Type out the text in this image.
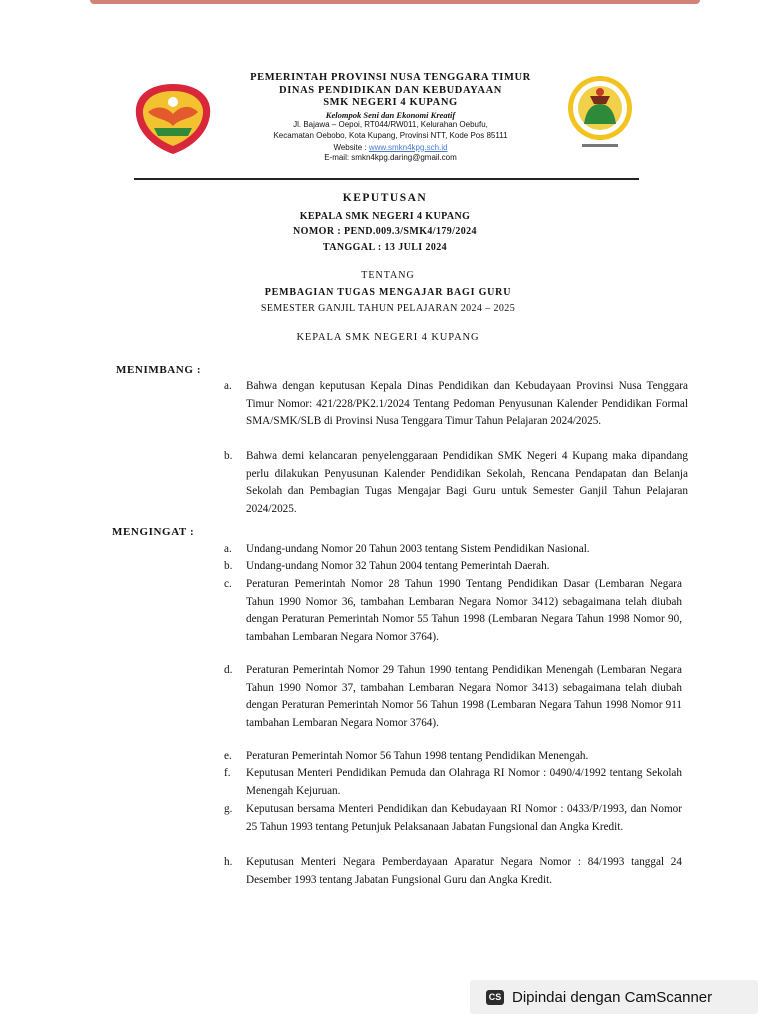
PEMERINTAH PROVINSI NUSA TENGGARA TIMUR
DINAS PENDIDIKAN DAN KEBUDAYAAN
SMK NEGERI 4 KUPANG
Kelompok Seni dan Ekonomi Kreatif
Jl. Bajawa – Oepoi, RT044/RW011, Kelurahan Oebufu,
Kecamatan Oebobo, Kota Kupang, Provinsi NTT, Kode Pos 85111
Website : www.smkn4kpg.sch.id
E-mail: smkn4kpg.daring@gmail.com
KEPUTUSAN
KEPALA SMK NEGERI 4 KUPANG
NOMOR : PEND.009.3/SMK4/179/2024
TANGGAL : 13 JULI 2024
TENTANG
PEMBAGIAN TUGAS MENGAJAR BAGI GURU
SEMESTER GANJIL TAHUN PELAJARAN 2024 – 2025
KEPALA SMK NEGERI 4 KUPANG
MENIMBANG :
a.	Bahwa dengan keputusan Kepala Dinas Pendidikan dan Kebudayaan Provinsi Nusa Tenggara Timur Nomor: 421/228/PK2.1/2024 Tentang Pedoman Penyusunan Kalender Pendidikan Formal SMA/SMK/SLB di Provinsi Nusa Tenggara Timur Tahun Pelajaran 2024/2025.
b.	Bahwa demi kelancaran penyelenggaraan Pendidikan SMK Negeri 4 Kupang maka dipandang perlu dilakukan Penyusunan Kalender Pendidikan Sekolah, Rencana Pendapatan dan Belanja Sekolah dan Pembagian Tugas Mengajar Bagi Guru untuk Semester Ganjil Tahun Pelajaran 2024/2025.
MENGINGAT :
a.	Undang-undang Nomor 20 Tahun 2003 tentang Sistem Pendidikan Nasional.
b.	Undang-undang Nomor 32 Tahun 2004 tentang Pemerintah Daerah.
c.	Peraturan Pemerintah Nomor 28 Tahun 1990 Tentang Pendidikan Dasar (Lembaran Negara Tahun 1990 Nomor 36, tambahan Lembaran Negara Nomor 3412) sebagaimana telah diubah dengan Peraturan Pemerintah Nomor 55 Tahun 1998 (Lembaran Negara Tahun 1998 Nomor 90, tambahan Lembaran Negara Nomor 3764).
d.	Peraturan Pemerintah Nomor 29 Tahun 1990 tentang Pendidikan Menengah (Lembaran Negara Tahun 1990 Nomor 37, tambahan Lembaran Negara Nomor 3413) sebagaimana telah diubah dengan Peraturan Pemerintah Nomor 56 Tahun 1998 (Lembaran Negara Tahun 1998 Nomor 911 tambahan Lembaran Negara Nomor 3764).
e.	Peraturan Pemerintah Nomor 56 Tahun 1998 tentang Pendidikan Menengah.
f.	Keputusan Menteri Pendidikan Pemuda dan Olahraga RI Nomor : 0490/4/1992 tentang Sekolah Menengah Kejuruan.
g.	Keputusan bersama Menteri Pendidikan dan Kebudayaan RI Nomor : 0433/P/1993, dan Nomor 25 Tahun 1993 tentang Petunjuk Pelaksanaan Jabatan Fungsional dan Angka Kredit.
h.	Keputusan Menteri Negara Pemberdayaan Aparatur Negara Nomor : 84/1993 tanggal 24 Desember 1993 tentang Jabatan Fungsional Guru dan Angka Kredit.
CS Dipindai dengan CamScanner
